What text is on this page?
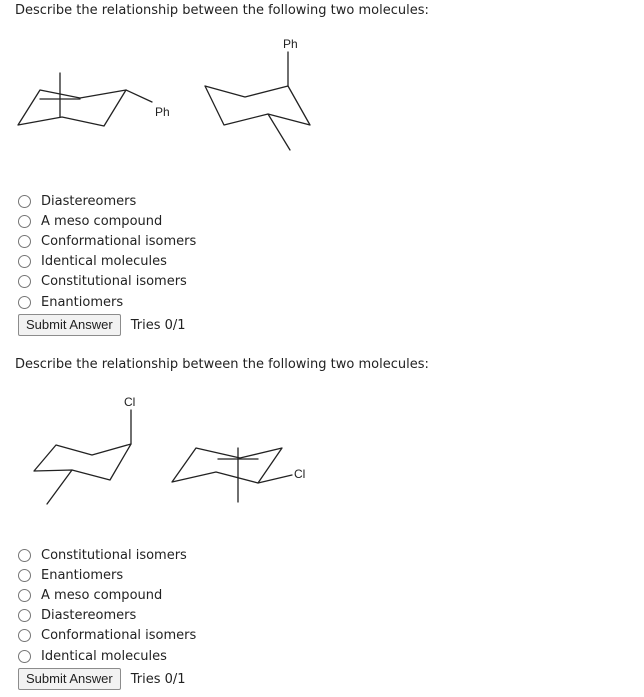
Describe the relationship between the following two molecules:
Ph
Ph
Diastereomers
A meso compound
Conformational isomers
Identical molecules
Constitutional isomers
Enantiomers
Submit Answer	Tries 0/1
Describe the relationship between the following two molecules:
Cl
Cl
Constitutional isomers
Enantiomers
A meso compound
Diastereomers
Conformational isomers
Identical molecules
Submit Answer	Tries 0/1
